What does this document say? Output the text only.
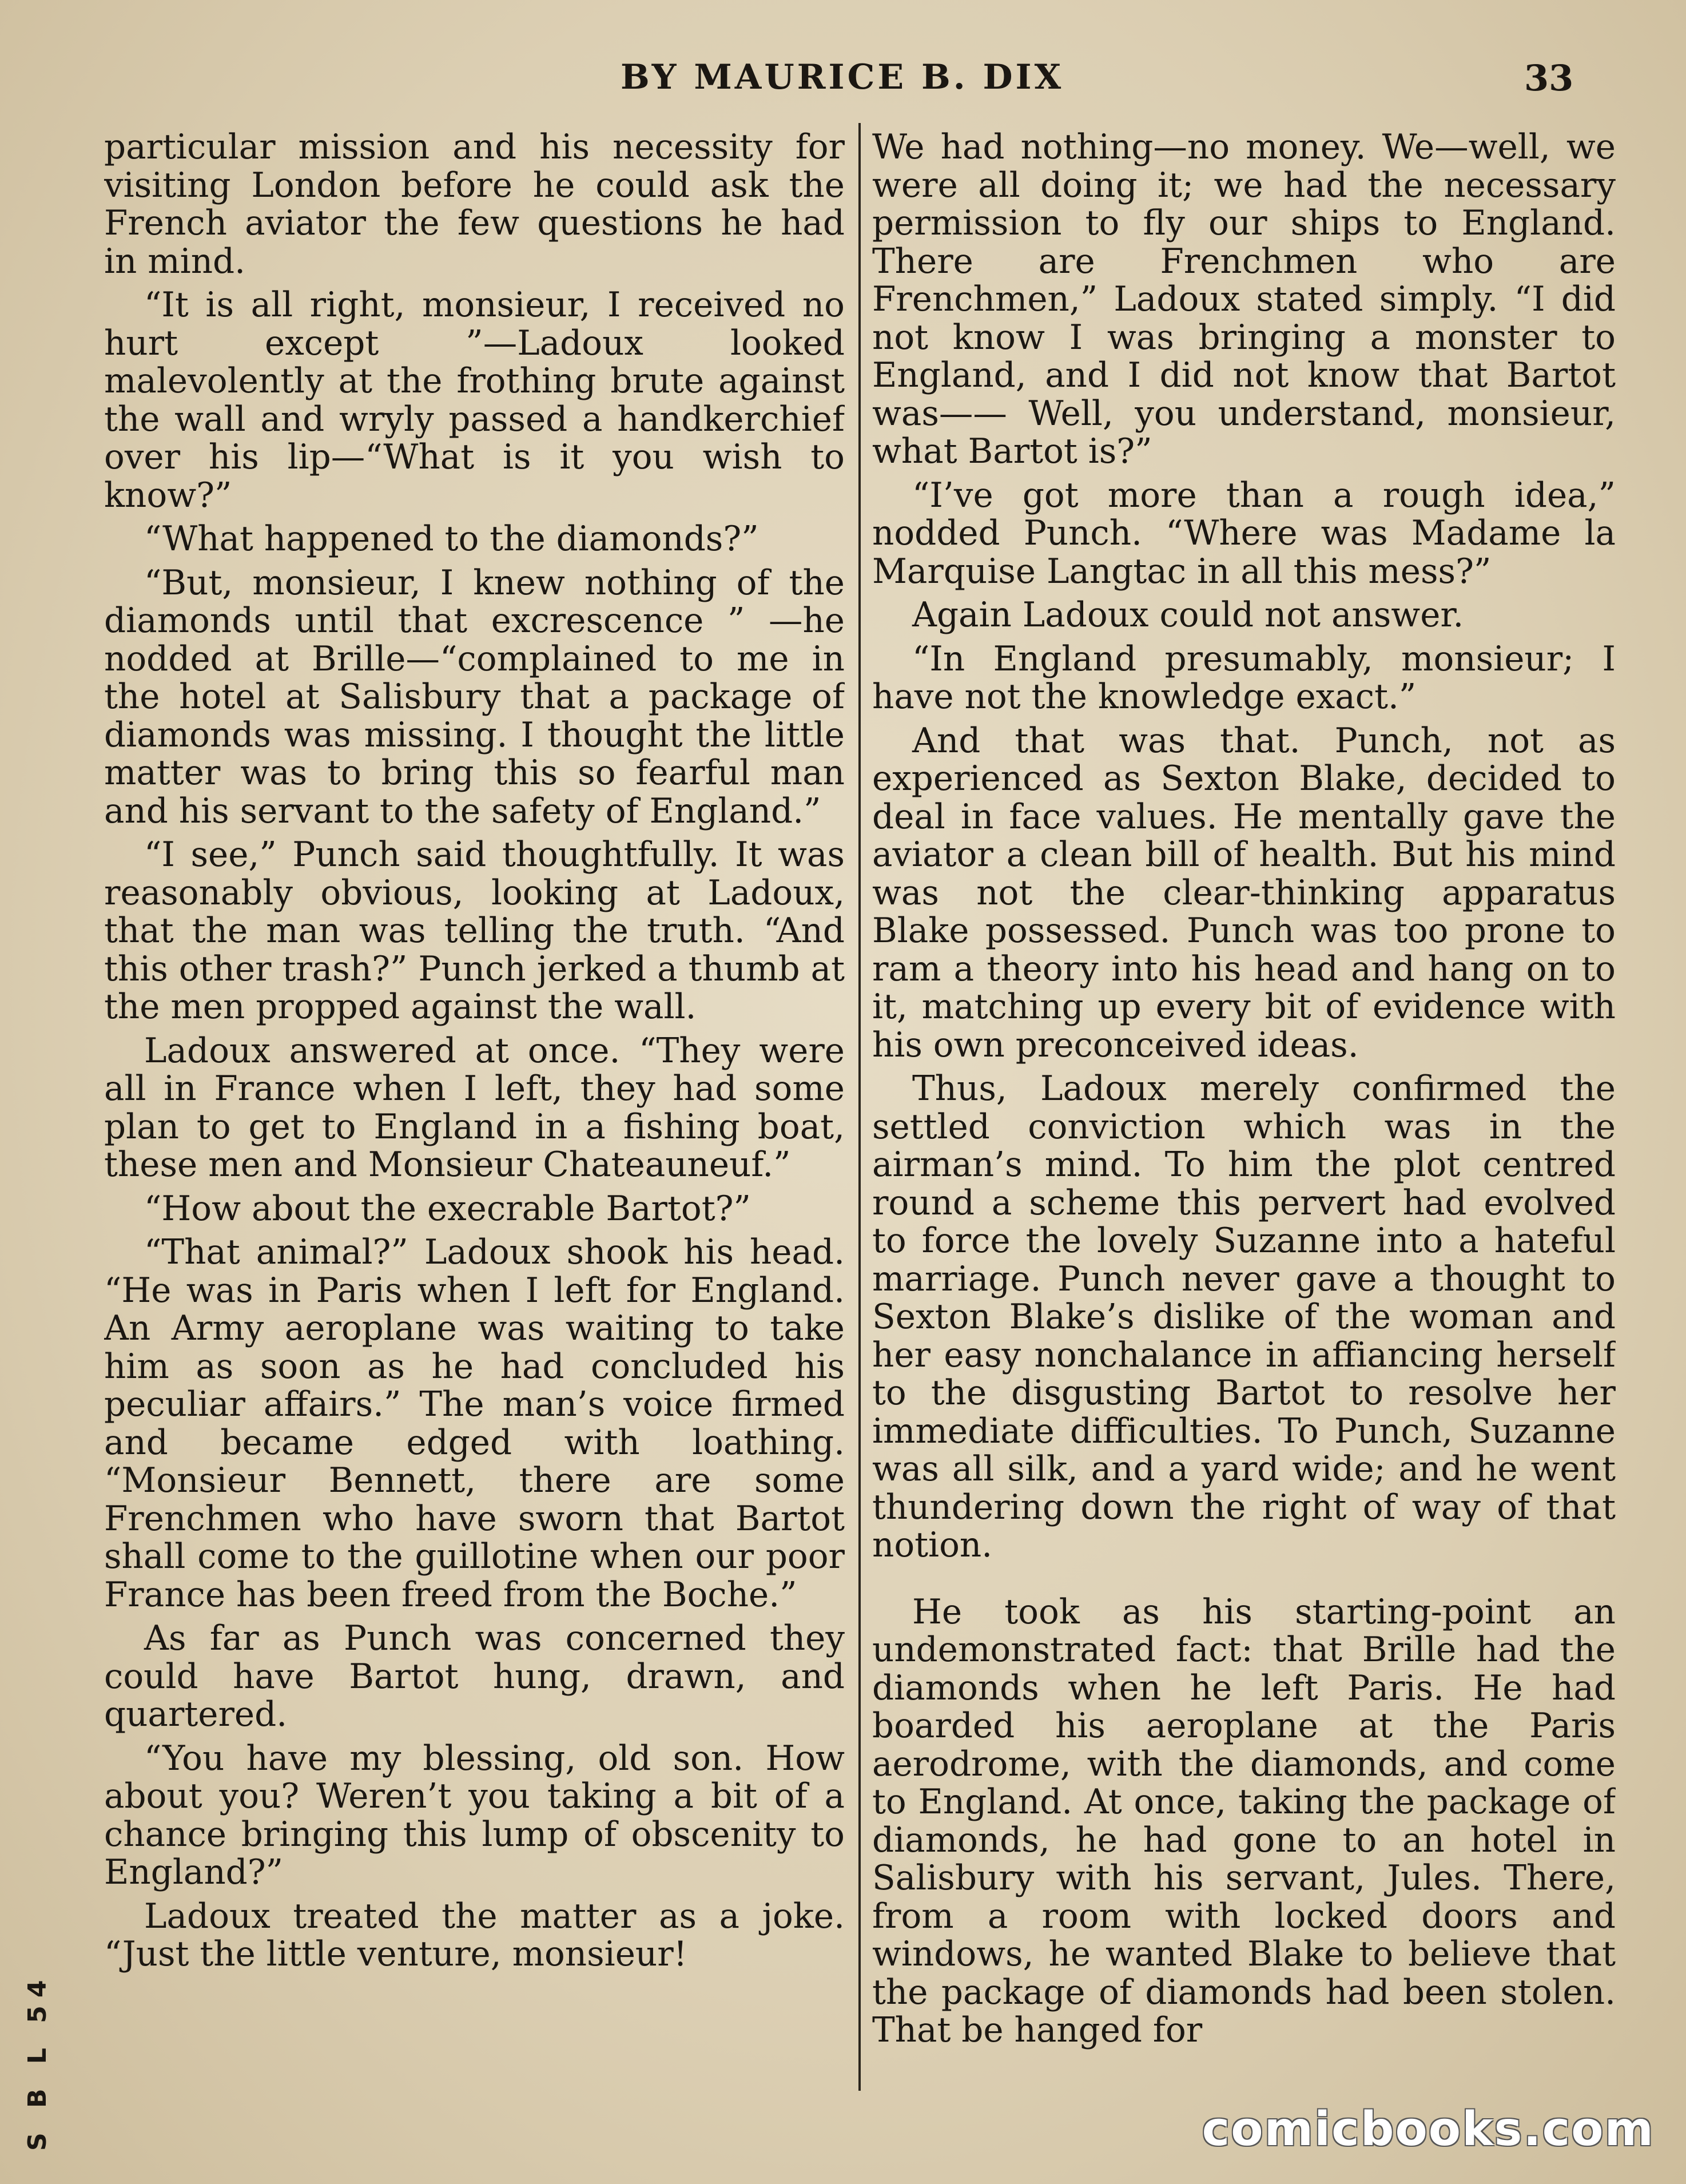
BY MAURICE B. DIX	33

particular mission and his necessity for visiting London before he could ask the French aviator the few questions he had in mind.

“It is all right, monsieur, I received no hurt except ”—Ladoux looked malevolently at the frothing brute against the wall and wryly passed a handkerchief over his lip—“What is it you wish to know?”

“What happened to the diamonds?”

“But, monsieur, I knew nothing of the diamonds until that excrescence ” —he nodded at Brille—“complained to me in the hotel at Salisbury that a package of diamonds was missing. I thought the little matter was to bring this so fearful man and his servant to the safety of England.”

“I see,” Punch said thoughtfully. It was reasonably obvious, looking at Ladoux, that the man was telling the truth. “And this other trash?” Punch jerked a thumb at the men propped against the wall.

Ladoux answered at once. “They were all in France when I left, they had some plan to get to England in a fishing boat, these men and Monsieur Chateauneuf.”

“How about the execrable Bartot?”

“That animal?” Ladoux shook his head. “He was in Paris when I left for England. An Army aeroplane was waiting to take him as soon as he had concluded his peculiar affairs.” The man’s voice firmed and became edged with loathing. “Monsieur Bennett, there are some Frenchmen who have sworn that Bartot shall come to the guillotine when our poor France has been freed from the Boche.”

As far as Punch was concerned they could have Bartot hung, drawn, and quartered.

“You have my blessing, old son. How about you? Weren’t you taking a bit of a chance bringing this lump of obscenity to England?”

Ladoux treated the matter as a joke. “Just the little venture, monsieur!

We had nothing—no money. We—well, we were all doing it; we had the necessary permission to fly our ships to England. There are Frenchmen who are Frenchmen,” Ladoux stated simply. “I did not know I was bringing a monster to England, and I did not know that Bartot was—— Well, you understand, monsieur, what Bartot is?”

“I’ve got more than a rough idea,” nodded Punch. “Where was Madame la Marquise Langtac in all this mess?”

Again Ladoux could not answer.

“In England presumably, monsieur; I have not the knowledge exact.”

And that was that. Punch, not as experienced as Sexton Blake, decided to deal in face values. He mentally gave the aviator a clean bill of health. But his mind was not the clear-thinking apparatus Blake possessed. Punch was too prone to ram a theory into his head and hang on to it, matching up every bit of evidence with his own preconceived ideas.

Thus, Ladoux merely confirmed the settled conviction which was in the airman’s mind. To him the plot centred round a scheme this pervert had evolved to force the lovely Suzanne into a hateful marriage. Punch never gave a thought to Sexton Blake’s dislike of the woman and her easy nonchalance in affiancing herself to the disgusting Bartot to resolve her immediate difficulties. To Punch, Suzanne was all silk, and a yard wide; and he went thundering down the right of way of that notion.

He took as his starting-point an undemonstrated fact: that Brille had the diamonds when he left Paris. He had boarded his aeroplane at the Paris aerodrome, with the diamonds, and come to England. At once, taking the package of diamonds, he had gone to an hotel in Salisbury with his servant, Jules. There, from a room with locked doors and windows, he wanted Blake to believe that the package of diamonds had been stolen. That be hanged for

S B L 54	comicbooks.com
